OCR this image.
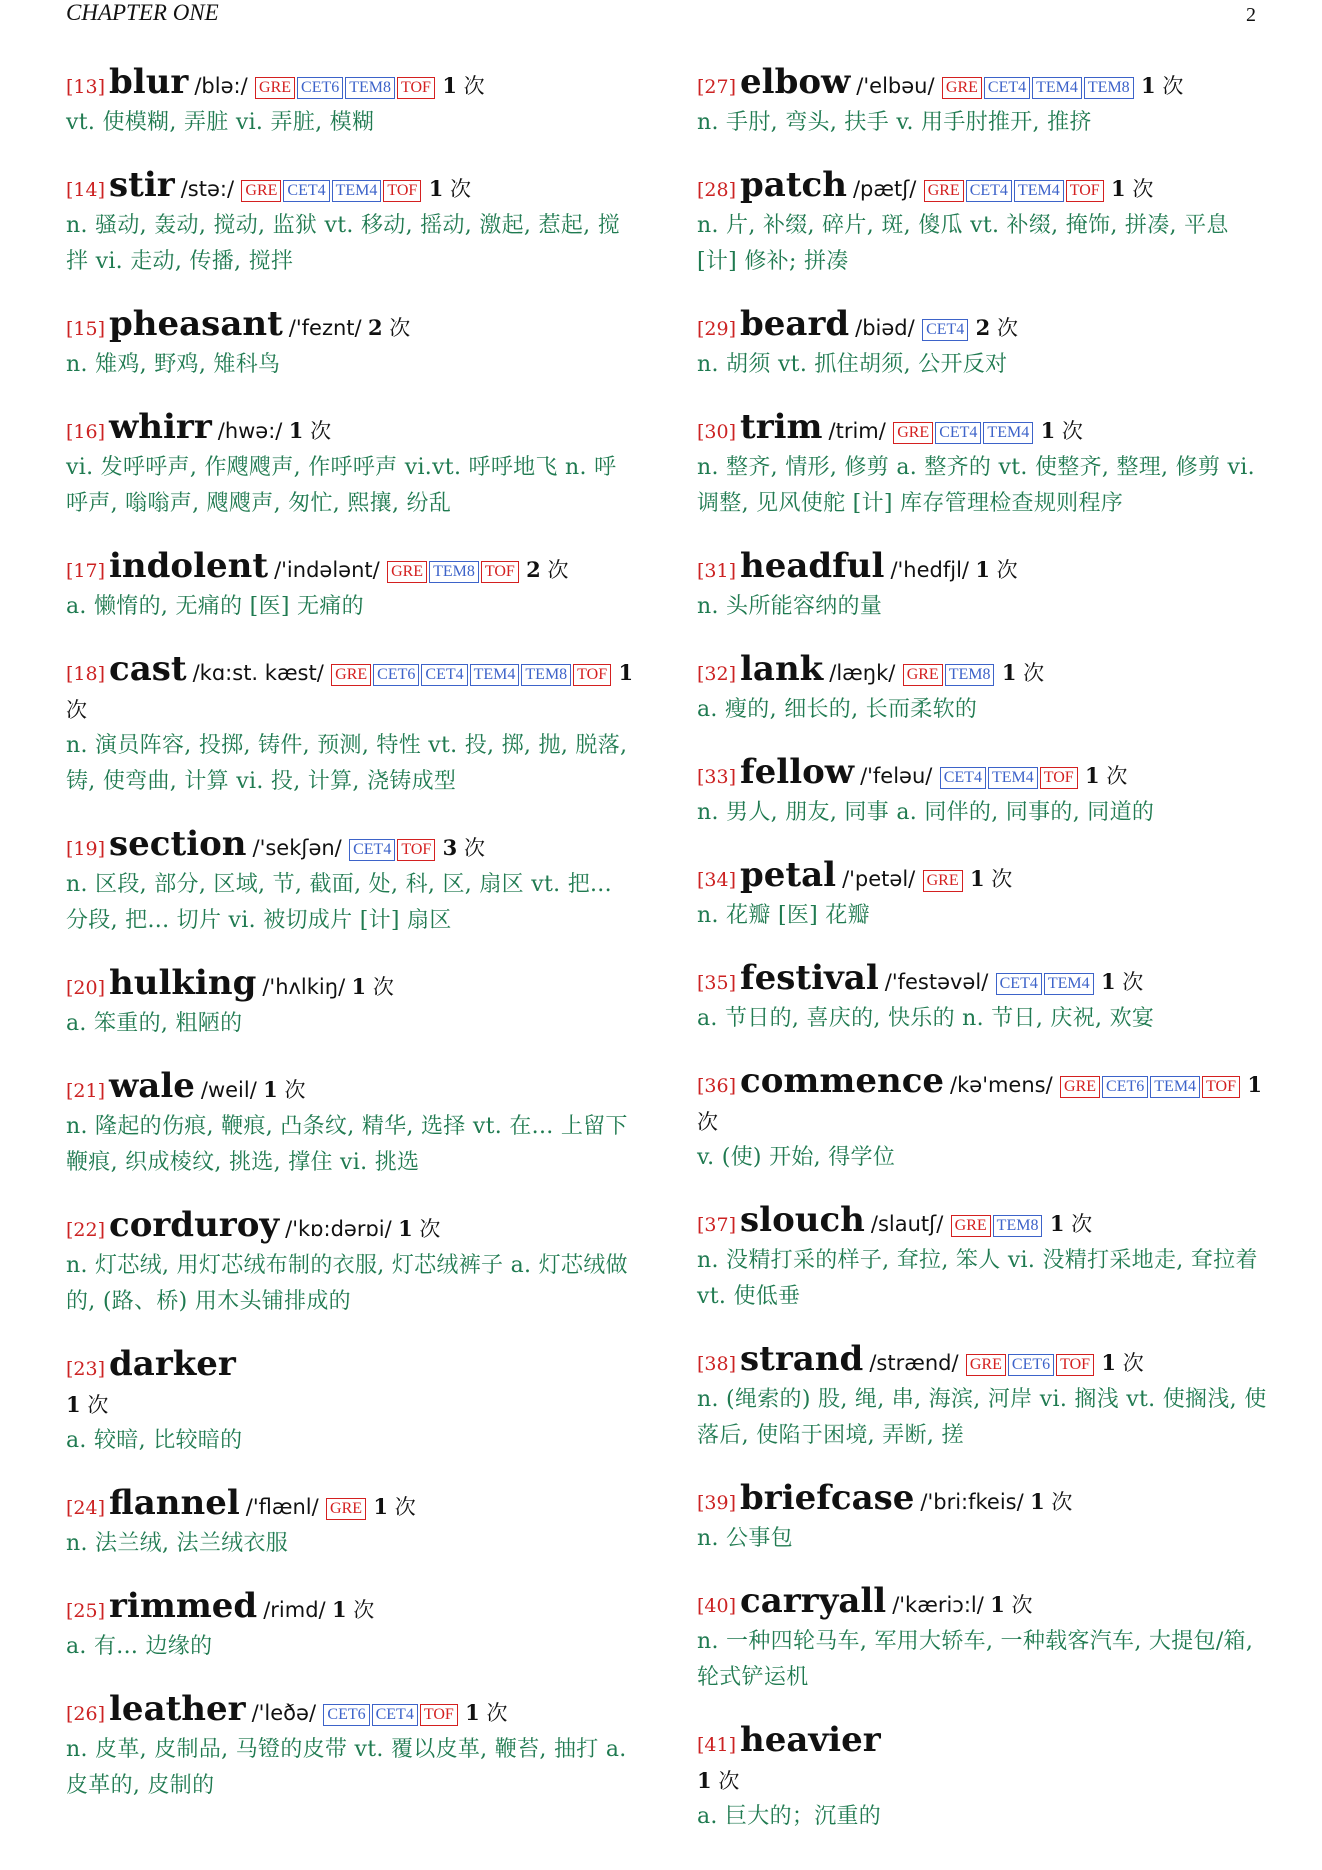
CHAPTER ONE	2
[13] blur /blə:/ GRE CET6 TEM8 TOF 1 次
vt. 使模糊, 弄脏 vi. 弄脏, 模糊
[14] stir /stə:/ GRE CET4 TEM4 TOF 1 次
n. 骚动, 轰动, 搅动, 监狱 vt. 移动, 摇动, 激起, 惹起, 搅拌 vi. 走动, 传播, 搅拌
[15] pheasant /'feznt/ 2 次
n. 雉鸡, 野鸡, 雉科鸟
[16] whirr /hwə:/ 1 次
vi. 发呼呼声, 作飕飕声, 作呼呼声 vi.vt. 呼呼地飞 n. 呼呼声, 嗡嗡声, 飕飕声, 匆忙, 熙攘, 纷乱
[17] indolent /'indələnt/ GRE TEM8 TOF 2 次
a. 懒惰的, 无痛的 [医] 无痛的
[18] cast /kɑ:st. kæst/ GRE CET6 CET4 TEM4 TEM8 TOF 1 次
n. 演员阵容, 投掷, 铸件, 预测, 特性 vt. 投, 掷, 抛, 脱落, 铸, 使弯曲, 计算 vi. 投, 计算, 浇铸成型
[19] section /'sekʃən/ CET4 TOF 3 次
n. 区段, 部分, 区域, 节, 截面, 处, 科, 区, 扇区 vt. 把... 分段, 把... 切片 vi. 被切成片 [计] 扇区
[20] hulking /'hʌlkiŋ/ 1 次
a. 笨重的, 粗陋的
[21] wale /weil/ 1 次
n. 隆起的伤痕, 鞭痕, 凸条纹, 精华, 选择 vt. 在... 上留下鞭痕, 织成棱纹, 挑选, 撑住 vi. 挑选
[22] corduroy /'kɒ:dərɒi/ 1 次
n. 灯芯绒, 用灯芯绒布制的衣服, 灯芯绒裤子 a. 灯芯绒做的, (路、桥) 用木头铺排成的
[23] darker
1 次
a. 较暗, 比较暗的
[24] flannel /'flænl/ GRE 1 次
n. 法兰绒, 法兰绒衣服
[25] rimmed /rimd/ 1 次
a. 有... 边缘的
[26] leather /'leðə/ CET6 CET4 TOF 1 次
n. 皮革, 皮制品, 马镫的皮带 vt. 覆以皮革, 鞭苔, 抽打 a. 皮革的, 皮制的
[27] elbow /'elbəu/ GRE CET4 TEM4 TEM8 1 次
n. 手肘, 弯头, 扶手 v. 用手肘推开, 推挤
[28] patch /pætʃ/ GRE CET4 TEM4 TOF 1 次
n. 片, 补缀, 碎片, 斑, 傻瓜 vt. 补缀, 掩饰, 拼凑, 平息 [计] 修补; 拼凑
[29] beard /biəd/ CET4 2 次
n. 胡须 vt. 抓住胡须, 公开反对
[30] trim /trim/ GRE CET4 TEM4 1 次
n. 整齐, 情形, 修剪 a. 整齐的 vt. 使整齐, 整理, 修剪 vi. 调整, 见风使舵 [计] 库存管理检查规则程序
[31] headful /'hedfjl/ 1 次
n. 头所能容纳的量
[32] lank /læŋk/ GRE TEM8 1 次
a. 瘦的, 细长的, 长而柔软的
[33] fellow /'feləu/ CET4 TEM4 TOF 1 次
n. 男人, 朋友, 同事 a. 同伴的, 同事的, 同道的
[34] petal /'petəl/ GRE 1 次
n. 花瓣 [医] 花瓣
[35] festival /'festəvəl/ CET4 TEM4 1 次
a. 节日的, 喜庆的, 快乐的 n. 节日, 庆祝, 欢宴
[36] commence /kə'mens/ GRE CET6 TEM4 TOF 1 次
v. (使) 开始, 得学位
[37] slouch /slautʃ/ GRE TEM8 1 次
n. 没精打采的样子, 耷拉, 笨人 vi. 没精打采地走, 耷拉着 vt. 使低垂
[38] strand /strænd/ GRE CET6 TOF 1 次
n. (绳索的) 股, 绳, 串, 海滨, 河岸 vi. 搁浅 vt. 使搁浅, 使落后, 使陷于困境, 弄断, 搓
[39] briefcase /'bri:fkeis/ 1 次
n. 公事包
[40] carryall /'kæriɔ:l/ 1 次
n. 一种四轮马车, 军用大轿车, 一种载客汽车, 大提包/箱, 轮式铲运机
[41] heavier
1 次
a. 巨大的；沉重的
